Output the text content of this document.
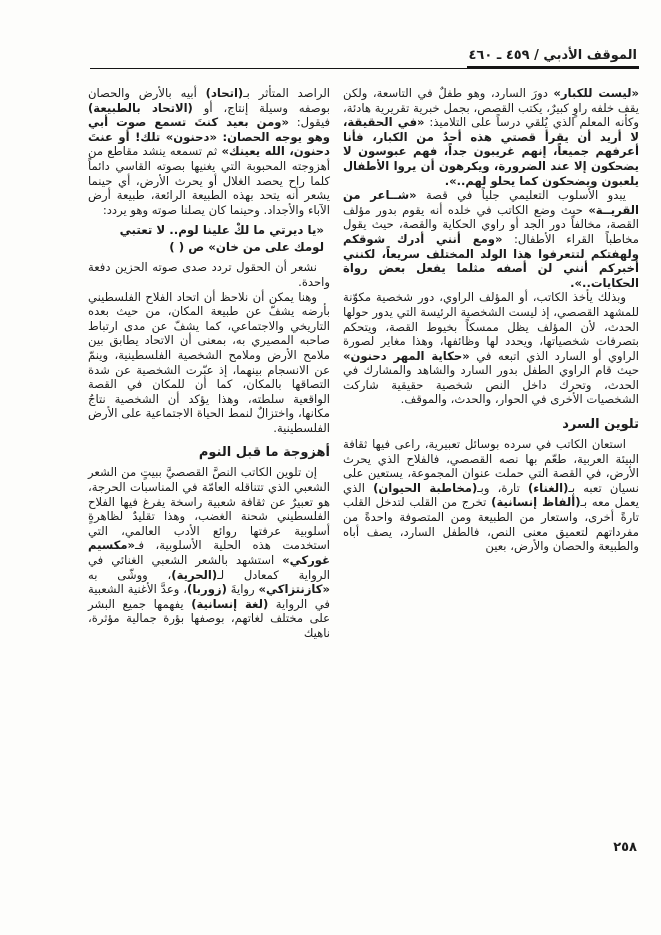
الموقف الأدبي / ٤٥٩ ـ ٤٦٠

«ليست للكبار» دورَ السارد، وهو طفلٌ في التاسعة، ولكن يقف خلفه راوٍ كبيرٌ، يكتب القصص، بجمل خبرية تقريرية هادئة، وكأنه المعلم الذي يُلقي درساً على التلاميذ: «في الحقيقة، لا أريد أن يقرأ قصتي هذه أحدٌ من الكبار، فأنا أعرفهم جميعاً، إنهم غريبون جداً، فهم عبوسون لا يضحكون إلا عند الضرورة، ويكرهون أن يروا الأطفال يلعبون ويضحكون كما يحلو لهم..».

يبدو الأسلوب التعليمي جلياً في قصة «شــاعر من القريــة» حيث وضع الكاتب في خلده أنه يقوم بدور مؤلف القصة، مخالفاً دور الجد أو راوي الحكاية والقصة، حيث يقول مخاطباً القراء الأطفال: «ومع أنني أدرك شوقكم ولهفتكم لتتعرفوا هذا الولد المختلف سريعاً، لكنني أخبركم أنني لن أصفه مثلما يفعل بعض رواة الحكايات..».

وبذلك يأخذ الكاتب، أو المؤلف الراوي، دور شخصية مكوّنة للمشهد القصصي، إذ ليست الشخصية الرئيسة التي يدور حولها الحدث، لأن المؤلف يظل ممسكاً بخيوط القصة، ويتحكم بتصرفات شخصياتها، ويحدد لها وظائفها، وهذا مغاير لصورة الراوي أو السارد الذي اتبعه في «حكاية المهر دحنون» حيث قام الراوي الطفل بدور السارد والشاهد والمشارك في الحدث، وتحرك داخل النص شخصية حقيقية شاركت الشخصيات الأخرى في الحوار، والحدث، والموقف.

تلوين السرد

استعان الكاتب في سرده بوسائل تعبيرية، راعى فيها ثقافة البيئة العربية، طعّم بها نصه القصصي، فالفلاح الذي يحرث الأرض، في القصة التي حملت عنوان المجموعة، يستعين على نسيان تعبه بـ(الغناء) تارة، وبـ(مخاطبة الحيوان) الذي يعمل معه بـ(ألفاظ إنسانية) تخرج من القلب لتدخل القلب تارةً أخرى، واستعار من الطبيعة ومن المتصوفة واحدةً من مفرداتهم لتعميق معنى النص، فالطفل السارد، يصف أباه والطبيعة والحصان والأرض، بعين

الراصد المتأثر بـ(اتحاد) أبيه بالأرض والحصان بوصفه وسيلة إنتاج، أو (الاتحاد بالطبيعة) فيقول: «ومن بعيد كنتَ تسمع صوت أبي وهو يوجه الحصان: «دحنون» تلك! أو عنتَ دحنون، الله يعينك» ثم تسمعه ينشد مقاطع من أهزوجته المحبوبة التي يغنيها بصوته القاسي دائماً كلما راح يحصد الغلال أو يحرث الأرض، أي حينما يشعر أنه يتحد بهذه الطبيعة الرائعة، طبيعة أرض الآباء والأجداد. وحينما كان يصلنا صوته وهو يردد:

«يا ديرتي ما لكْ علينا لوم.. لا تعتبي
لومك على من خان» ص ( )

نشعر أن الحقول تردد صدى صوته الحزين دفعة واحدة.

وهنا يمكن أن نلاحظ أن اتحاد الفلاح الفلسطيني بأرضه يشفّ عن طبيعة المكان، من حيث بعده التاريخي والاجتماعي، كما يشفّ عن مدى ارتباط صاحبه المصيري به، بمعنى أن الاتحاد يطابق بين ملامح الأرض وملامح الشخصية الفلسطينية، وينمّ عن الانسجام بينهما، إذ عبّرت الشخصية عن شدة التصاقها بالمكان، كما أن للمكان في القصة الواقعية سلطته، وهذا يؤكد أن الشخصية نتاجُ مكانها، واختزالٌ لنمط الحياة الاجتماعية على الأرض الفلسطينية.

أهزوجة ما قبل النوم

إن تلوين الكاتب النصَّ القصصيَّ ببيتٍ من الشعر الشعبي الذي تتناقله العامّة في المناسبات الحرجة، هو تعبيرٌ عن ثقافة شعبية راسخة يفرغ فيها الفلاح الفلسطيني شحنة الغضب، وهذا تقليدٌ لظاهرةٍ أسلوبية عرفتها روائع الأدب العالمي، التي استخدمت هذه الحلية الأسلوبية، فـ«مكسيم غوركي» استشهد بالشعر الشعبي الغنائي في الرواية كمعادل لـ(الحرية)، ووشّى به «كازنتزاكي» روايةَ (زوربا)، وعدَّ الأغنية الشعبية في الرواية (لغة إنسانية) يفهمها جميع البشر على مختلف لغاتهم، بوصفها بؤرة جمالية مؤثرة، ناهيك

٢٥٨
